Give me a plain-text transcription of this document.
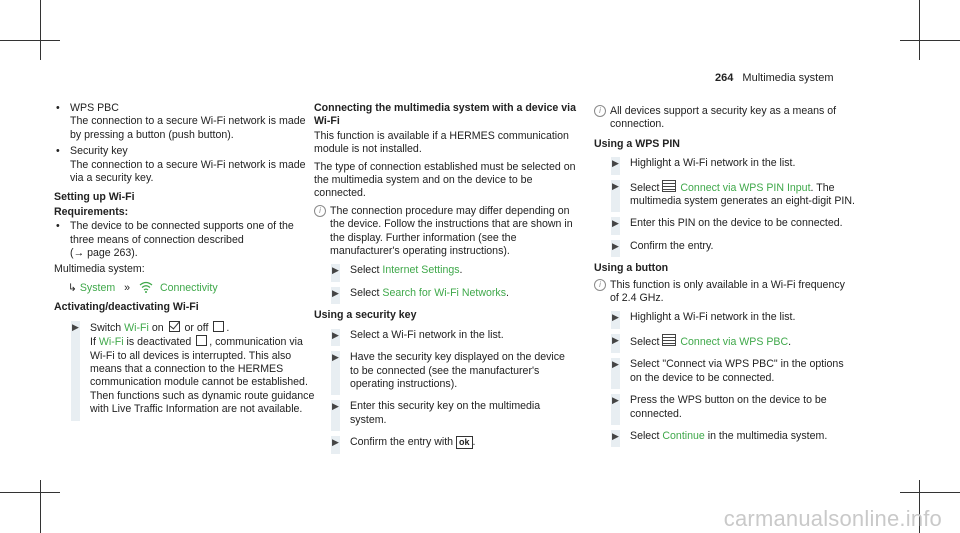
264 Multimedia system
• WPS PBC
The connection to a secure Wi-Fi network is made by pressing a button (push button).
• Security key
The connection to a secure Wi-Fi network is made via a security key.
Setting up Wi-Fi
Requirements:
• The device to be connected supports one of the three means of connection described
(→ page 263).
Multimedia system:
↳ System »	Connectivity
Activating/deactivating Wi-Fi
▶ Switch Wi-Fi on  or off .
If Wi-Fi is deactivated , communication via Wi-Fi to all devices is interrupted. This also means that a connection to the HERMES communication module cannot be established. Then functions such as dynamic route guidance with Live Traffic Information are not available.
Connecting the multimedia system with a device via Wi-Fi
This function is available if a HERMES communication module is not installed.
The type of connection established must be selected on the multimedia system and on the device to be connected.
i The connection procedure may differ depending on the device. Follow the instructions that are shown in the display. Further information (see the manufacturer's operating instructions).
▶ Select Internet Settings.
▶ Select Search for Wi-Fi Networks.
Using a security key
▶ Select a Wi-Fi network in the list.
▶ Have the security key displayed on the device to be connected (see the manufacturer's operating instructions).
▶ Enter this security key on the multimedia system.
▶ Confirm the entry with ok .
i All devices support a security key as a means of connection.
Using a WPS PIN
▶ Highlight a Wi-Fi network in the list.
▶ Select Connect via WPS PIN Input. The multimedia system generates an eight-digit PIN.
▶ Enter this PIN on the device to be connected.
▶ Confirm the entry.
Using a button
i This function is only available in a Wi-Fi frequency of 2.4 GHz.
▶ Highlight a Wi-Fi network in the list.
▶ Select Connect via WPS PBC.
▶ Select "Connect via WPS PBC" in the options on the device to be connected.
▶ Press the WPS button on the device to be connected.
▶ Select Continue in the multimedia system.
carmanualsonline.info
